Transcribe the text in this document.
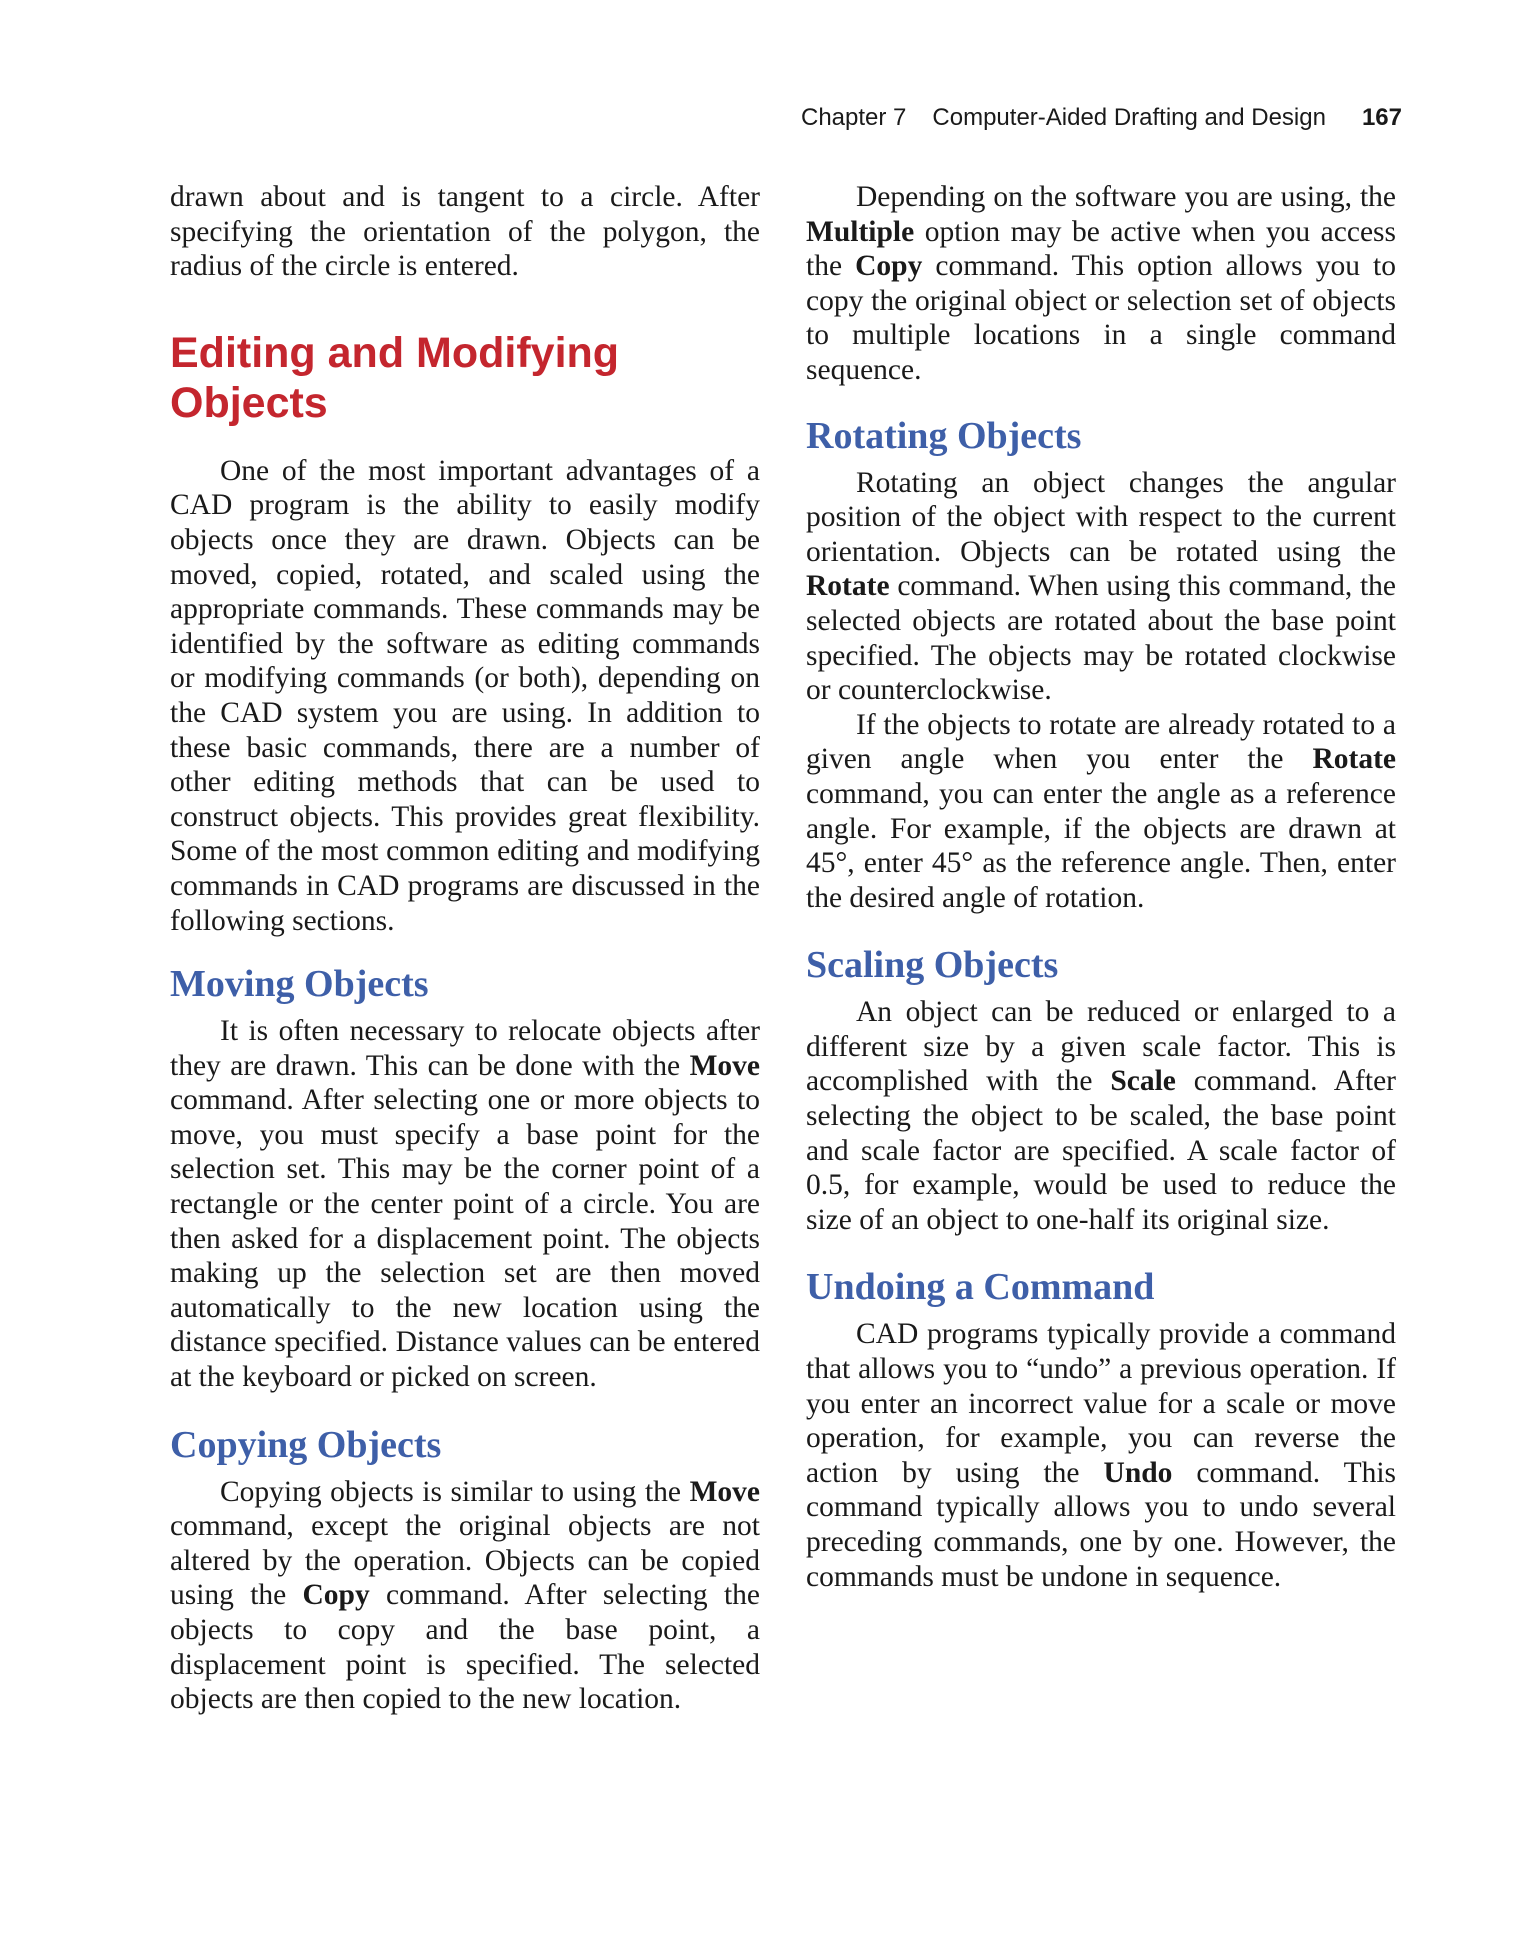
Chapter 7 Computer-Aided Drafting and Design 167

drawn about and is tangent to a circle. After specifying the orientation of the polygon, the radius of the circle is entered.

Editing and Modifying
Objects

One of the most important advantages of a CAD program is the ability to easily modify objects once they are drawn. Objects can be moved, copied, rotated, and scaled using the appropriate commands. These commands may be identified by the software as editing commands or modifying commands (or both), depending on the CAD system you are using. In addition to these basic commands, there are a number of other editing methods that can be used to construct objects. This provides great flexibility. Some of the most common editing and modifying commands in CAD programs are discussed in the following sections.

Moving Objects

It is often necessary to relocate objects after they are drawn. This can be done with the Move command. After selecting one or more objects to move, you must specify a base point for the selection set. This may be the corner point of a rectangle or the center point of a circle. You are then asked for a displacement point. The objects making up the selection set are then moved automatically to the new location using the distance specified. Distance values can be entered at the keyboard or picked on screen.

Copying Objects

Copying objects is similar to using the Move command, except the original objects are not altered by the operation. Objects can be copied using the Copy command. After selecting the objects to copy and the base point, a displacement point is specified. The selected objects are then copied to the new location.

Depending on the software you are using, the Multiple option may be active when you access the Copy command. This option allows you to copy the original object or selection set of objects to multiple locations in a single command sequence.

Rotating Objects

Rotating an object changes the angular position of the object with respect to the current orientation. Objects can be rotated using the Rotate command. When using this command, the selected objects are rotated about the base point specified. The objects may be rotated clockwise or counterclockwise.

If the objects to rotate are already rotated to a given angle when you enter the Rotate command, you can enter the angle as a reference angle. For example, if the objects are drawn at 45°, enter 45° as the reference angle. Then, enter the desired angle of rotation.

Scaling Objects

An object can be reduced or enlarged to a different size by a given scale factor. This is accomplished with the Scale command. After selecting the object to be scaled, the base point and scale factor are specified. A scale factor of 0.5, for example, would be used to reduce the size of an object to one-half its original size.

Undoing a Command

CAD programs typically provide a command that allows you to “undo” a previous operation. If you enter an incorrect value for a scale or move operation, for example, you can reverse the action by using the Undo command. This command typically allows you to undo several preceding commands, one by one. However, the commands must be undone in sequence.
